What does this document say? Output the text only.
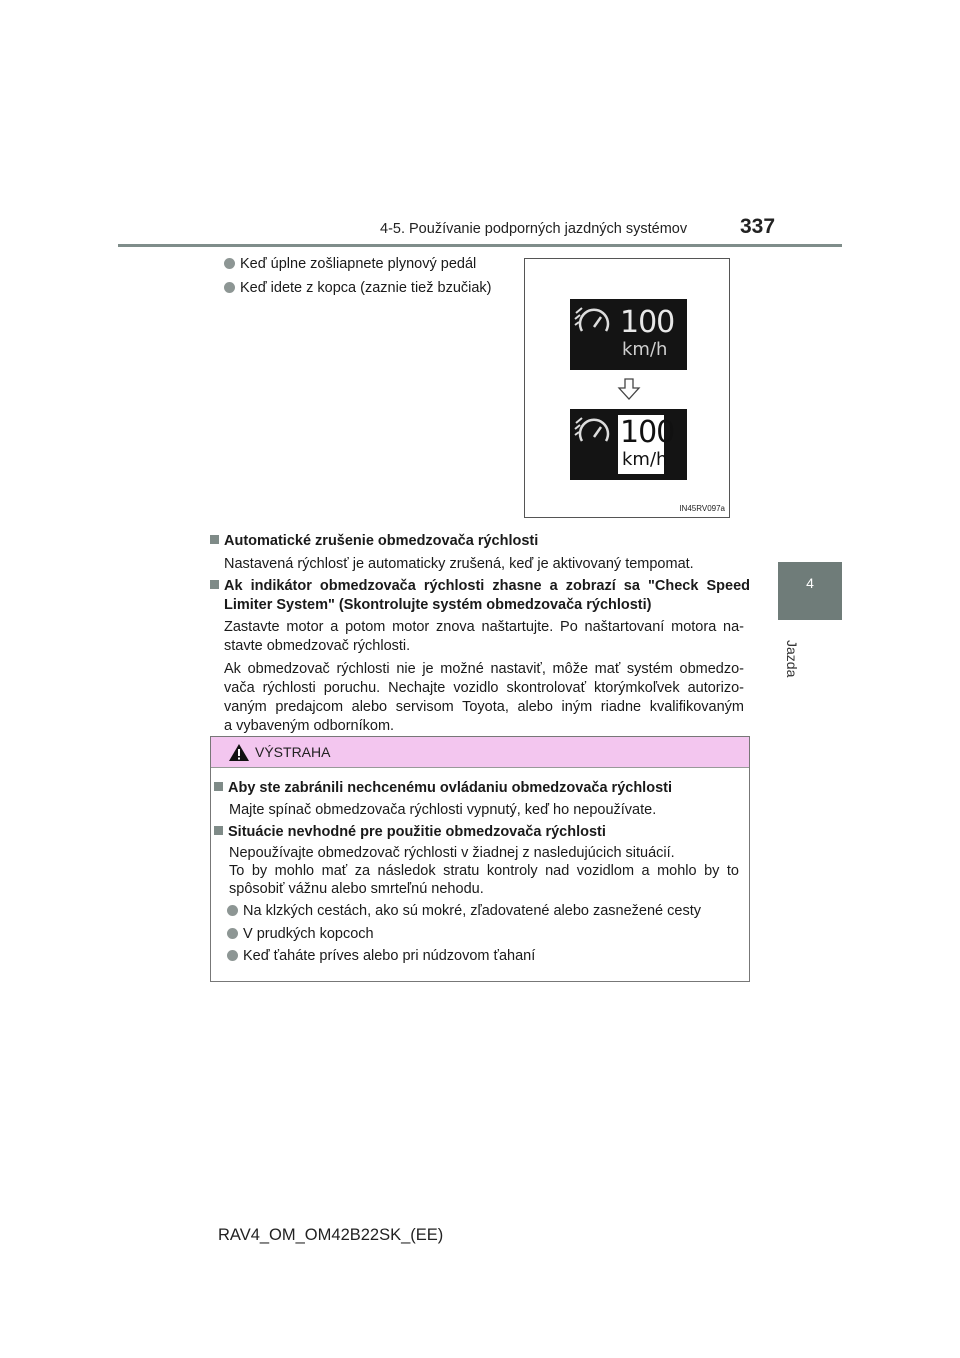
4-5. Používanie podporných jazdných systémov	337
4
Jazda
Keď úplne zošliapnete plynový pedál
Keď idete z kopca (zaznie tiež bzučiak)
100
km/h
100
km/h
IN45RV097a
Automatické zrušenie obmedzovača rýchlosti
Nastavená rýchlosť je automaticky zrušená, keď je aktivovaný tempomat.
Ak indikátor obmedzovača rýchlosti zhasne a zobrazí sa "Check Speed
Limiter System" (Skontrolujte systém obmedzovača rýchlosti)
Zastavte motor a potom motor znova naštartujte. Po naštartovaní motora na-
stavte obmedzovač rýchlosti.
Ak obmedzovač rýchlosti nie je možné nastaviť, môže mať systém obmedzo-
vača rýchlosti poruchu. Nechajte vozidlo skontrolovať ktorýmkoľvek autorizo-
vaným predajcom alebo servisom Toyota, alebo iným riadne kvalifikovaným
a vybaveným odborníkom.
VÝSTRAHA
Aby ste zabránili nechcenému ovládaniu obmedzovača rýchlosti
Majte spínač obmedzovača rýchlosti vypnutý, keď ho nepoužívate.
Situácie nevhodné pre použitie obmedzovača rýchlosti
Nepoužívajte obmedzovač rýchlosti v žiadnej z nasledujúcich situácií.
To by mohlo mať za následok stratu kontroly nad vozidlom a mohlo by to
spôsobiť vážnu alebo smrteľnú nehodu.
Na klzkých cestách, ako sú mokré, zľadovatené alebo zasnežené cesty
V prudkých kopcoch
Keď ťaháte príves alebo pri núdzovom ťahaní
RAV4_OM_OM42B22SK_(EE)
